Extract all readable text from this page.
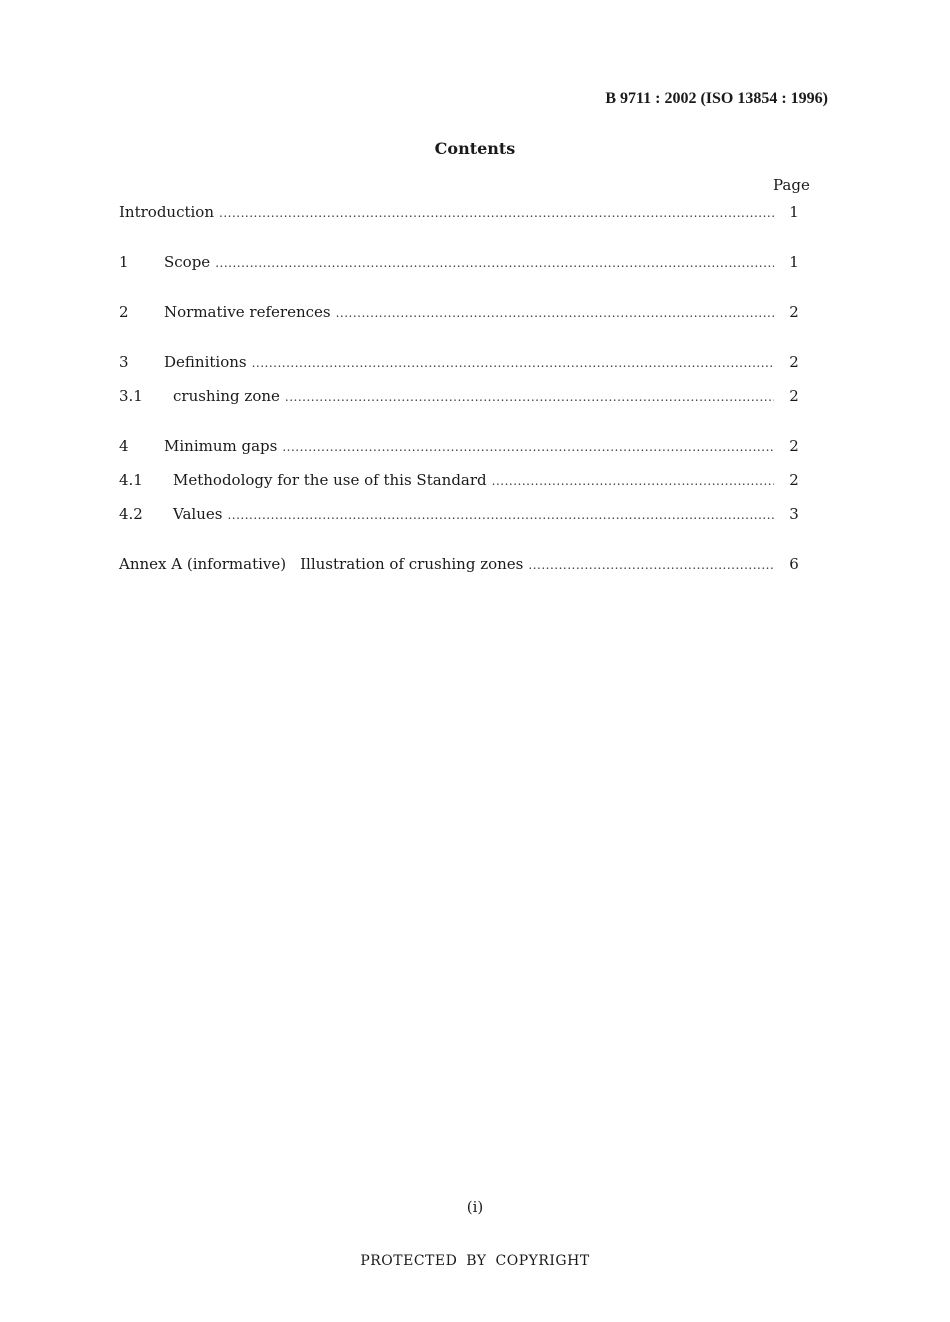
B 9711 : 2002 (ISO 13854 : 1996)
Contents
Page
Introduction .....	1
1	Scope .....	1
2	Normative references .....	2
3	Definitions .....	2
3.1	crushing zone .....	2
4	Minimum gaps .....	2
4.1	Methodology for the use of this Standard .....	2
4.2	Values .....	3
Annex A (informative) Illustration of crushing zones .....	6
(i)
PROTECTED BY COPYRIGHT
